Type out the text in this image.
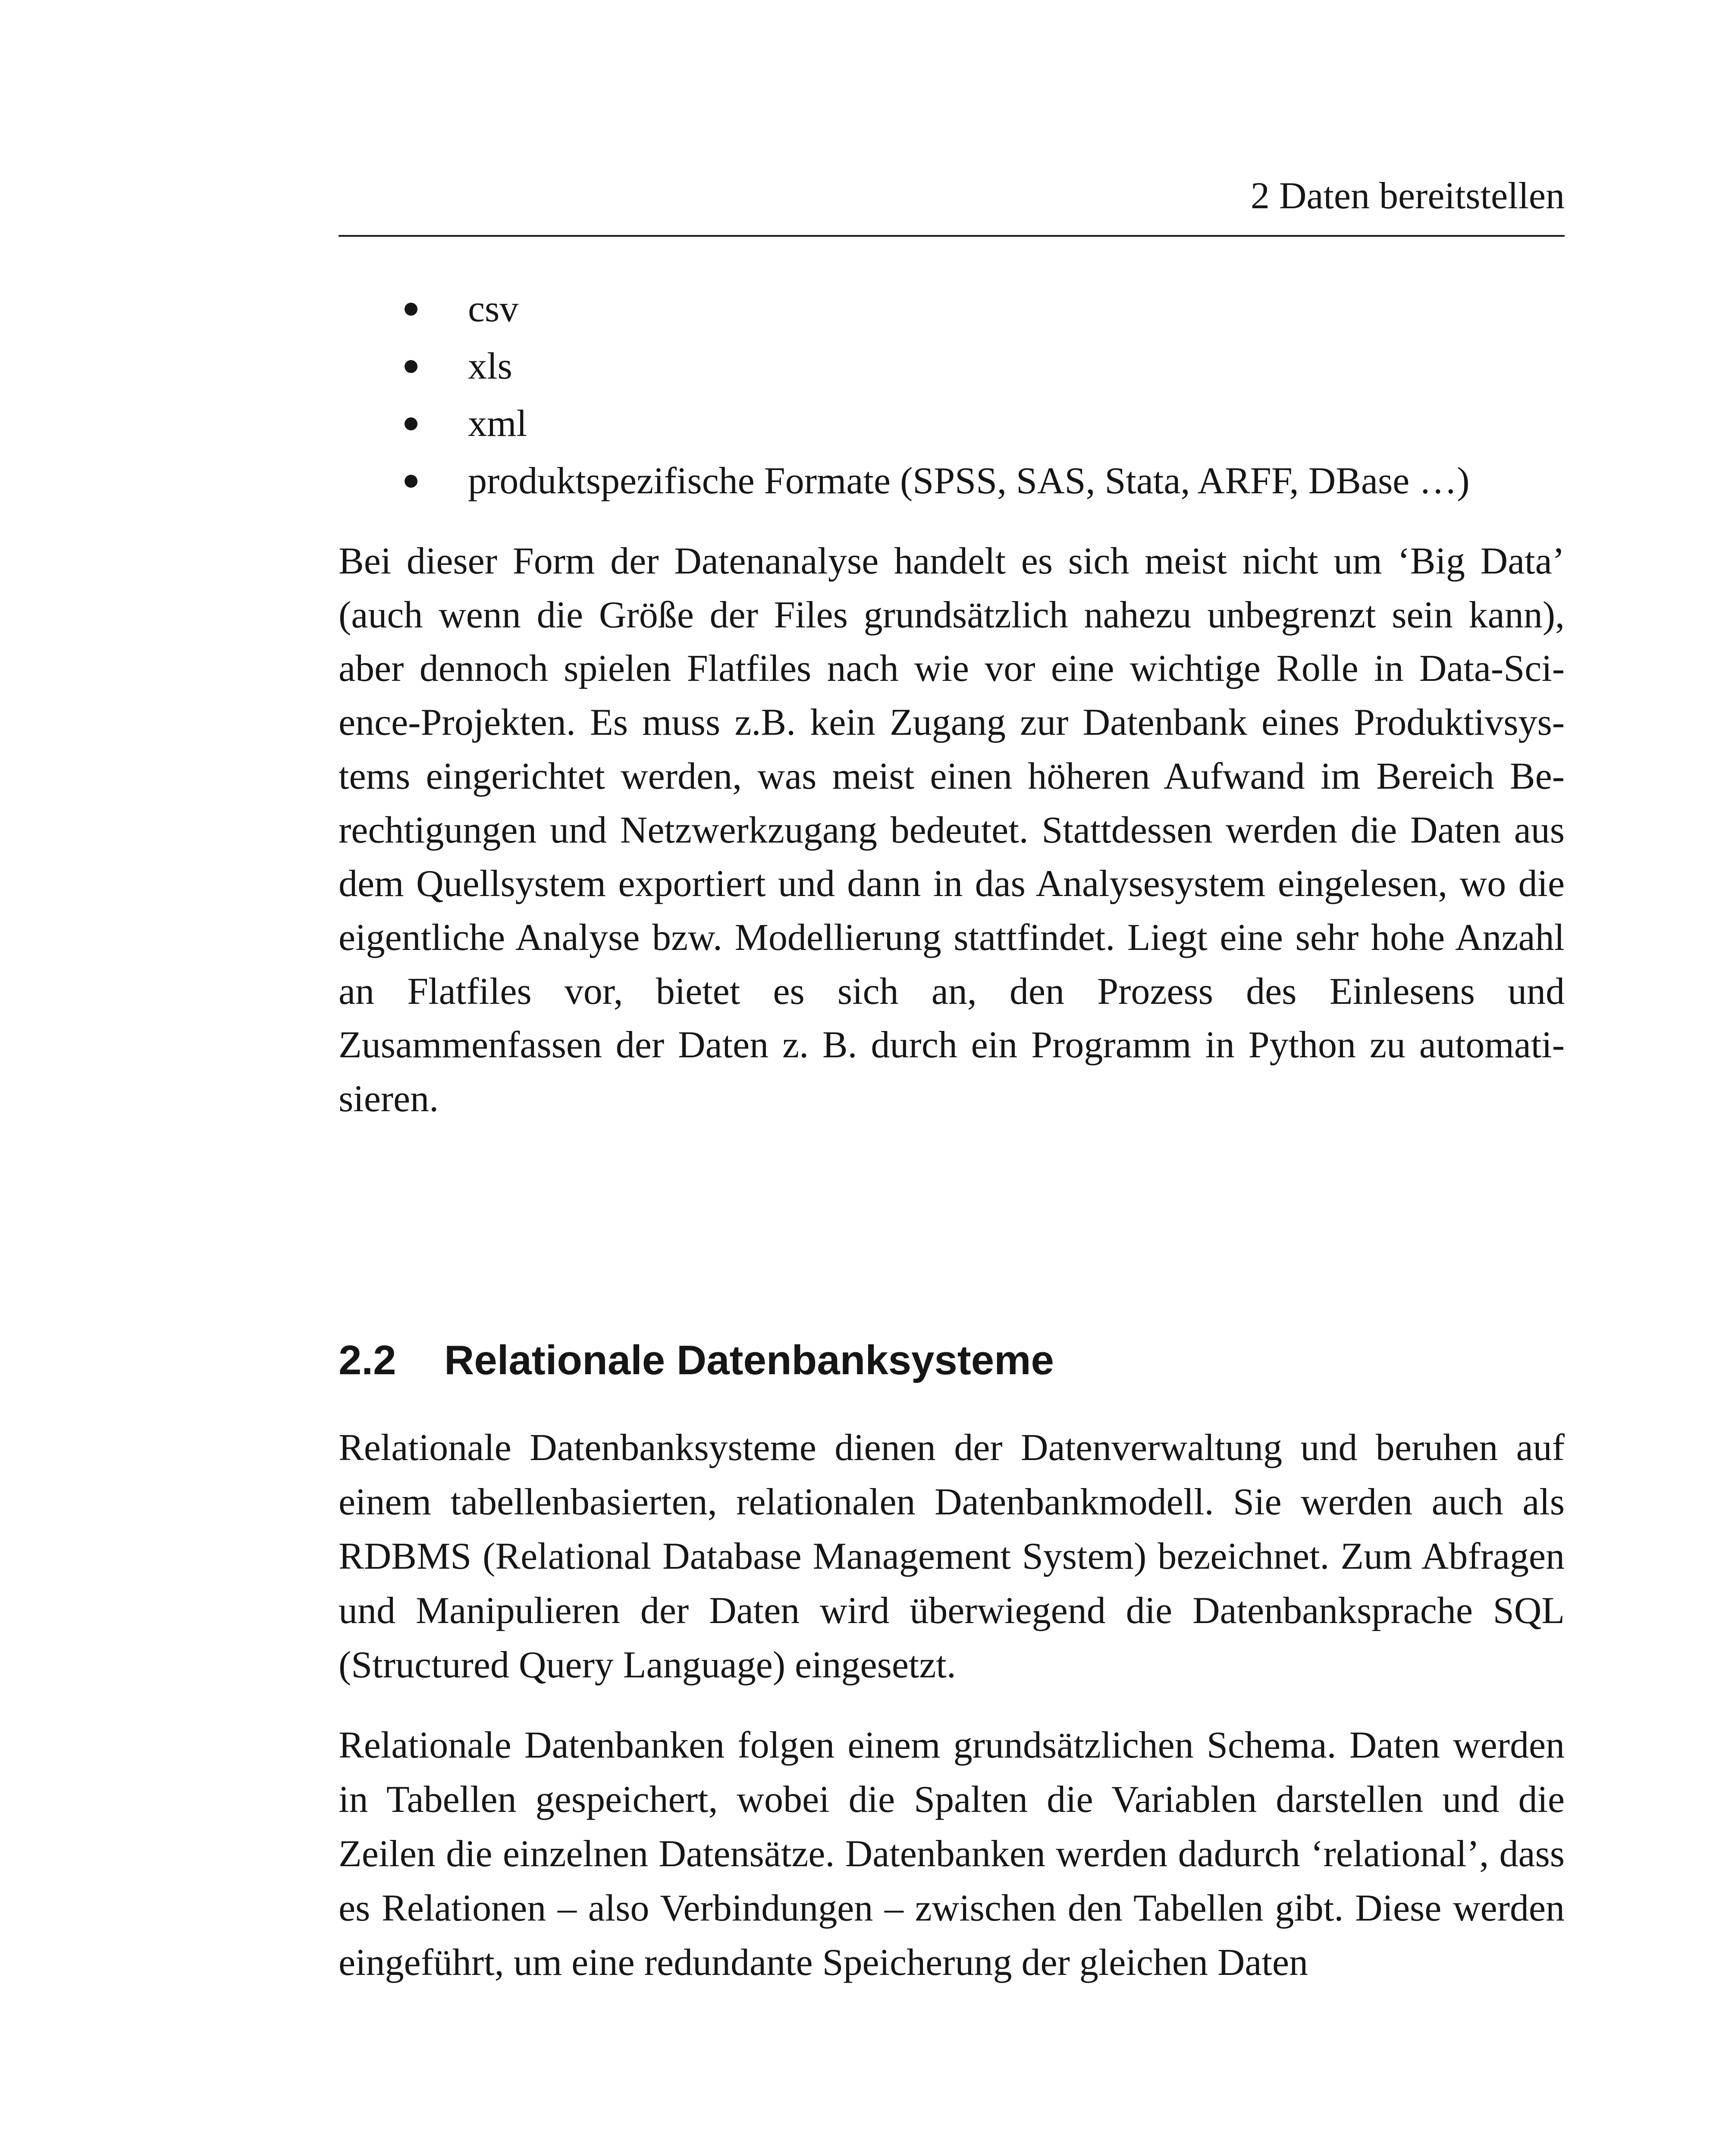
2 Daten bereitstellen
csv
xls
xml
produktspezifische Formate (SPSS, SAS, Stata, ARFF, DBase …)

Bei dieser Form der Datenanalyse handelt es sich meist nicht um ‘Big Data’ (auch wenn die Größe der Files grundsätzlich nahezu unbegrenzt sein kann), aber dennoch spielen Flatfiles nach wie vor eine wichtige Rolle in Data-Science-Projekten. Es muss z.B. kein Zugang zur Datenbank eines Produktivsystems eingerichtet werden, was meist einen höheren Aufwand im Bereich Berechtigungen und Netzwerkzugang bedeutet. Stattdessen werden die Daten aus dem Quellsystem exportiert und dann in das Analysesystem eingelesen, wo die eigentliche Analyse bzw. Modellierung stattfindet. Liegt eine sehr hohe Anzahl an Flatfiles vor, bietet es sich an, den Prozess des Einlesens und Zusammenfassen der Daten z. B. durch ein Programm in Python zu automatisieren.

2.2 Relationale Datenbanksysteme

Relationale Datenbanksysteme dienen der Datenverwaltung und beruhen auf einem tabellenbasierten, relationalen Datenbankmodell. Sie werden auch als RDBMS (Relational Database Management System) bezeichnet. Zum Abfragen und Manipulieren der Daten wird überwiegend die Datenbanksprache SQL (Structured Query Language) eingesetzt.

Relationale Datenbanken folgen einem grundsätzlichen Schema. Daten werden in Tabellen gespeichert, wobei die Spalten die Variablen darstellen und die Zeilen die einzelnen Datensätze. Datenbanken werden dadurch ‘relational’, dass es Relationen – also Verbindungen – zwischen den Tabellen gibt. Diese werden eingeführt, um eine redundante Speicherung der gleichen Daten
